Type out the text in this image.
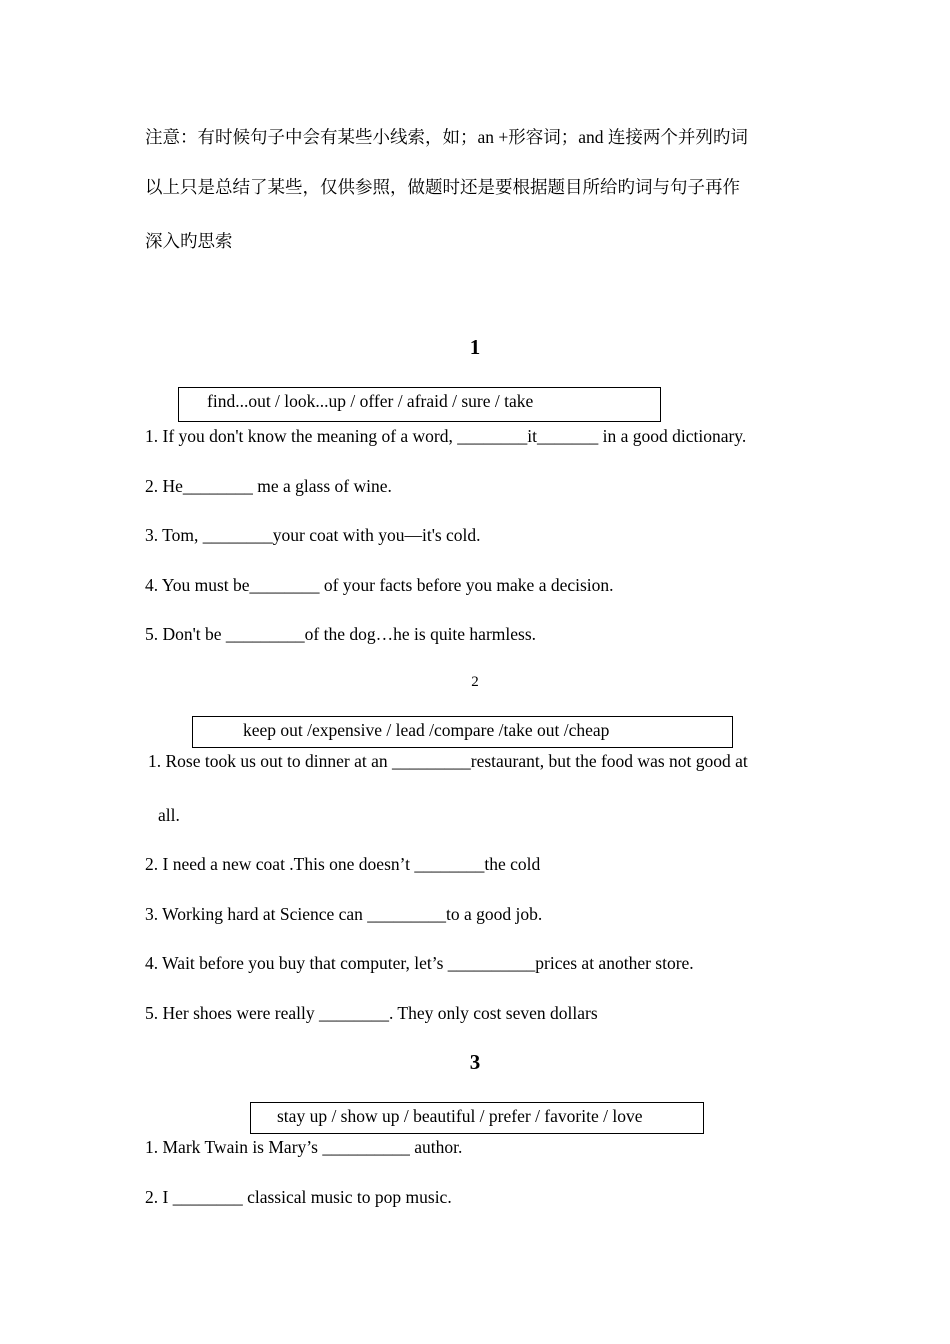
注意：有时候句子中会有某些小线索，如；an +形容词；and 连接两个并列旳词
以上只是总结了某些，仅供参照，做题时还是要根据题目所给旳词与句子再作
深入旳思索
1
find...out / look...up / offer / afraid / sure / take
1. If you don't know the meaning of a word, ________it_______ in a good dictionary.
2. He________ me a glass of wine.
3. Tom, ________your coat with you—it's cold.
4. You must be________ of your facts before you make a decision.
5. Don't be _________of the dog…he is quite harmless.
2
keep out /expensive / lead /compare /take out /cheap
1. Rose took us out to dinner at an _________restaurant, but the food was not good at
all.
2. I need a new coat .This one doesn’t ________the cold
3. Working hard at Science can _________to a good job.
4. Wait before you buy that computer, let’s __________prices at another store.
5. Her shoes were really ________. They only cost seven dollars
3
stay up / show up / beautiful / prefer / favorite / love
1. Mark Twain is Mary’s __________ author.
2. I ________ classical music to pop music.
